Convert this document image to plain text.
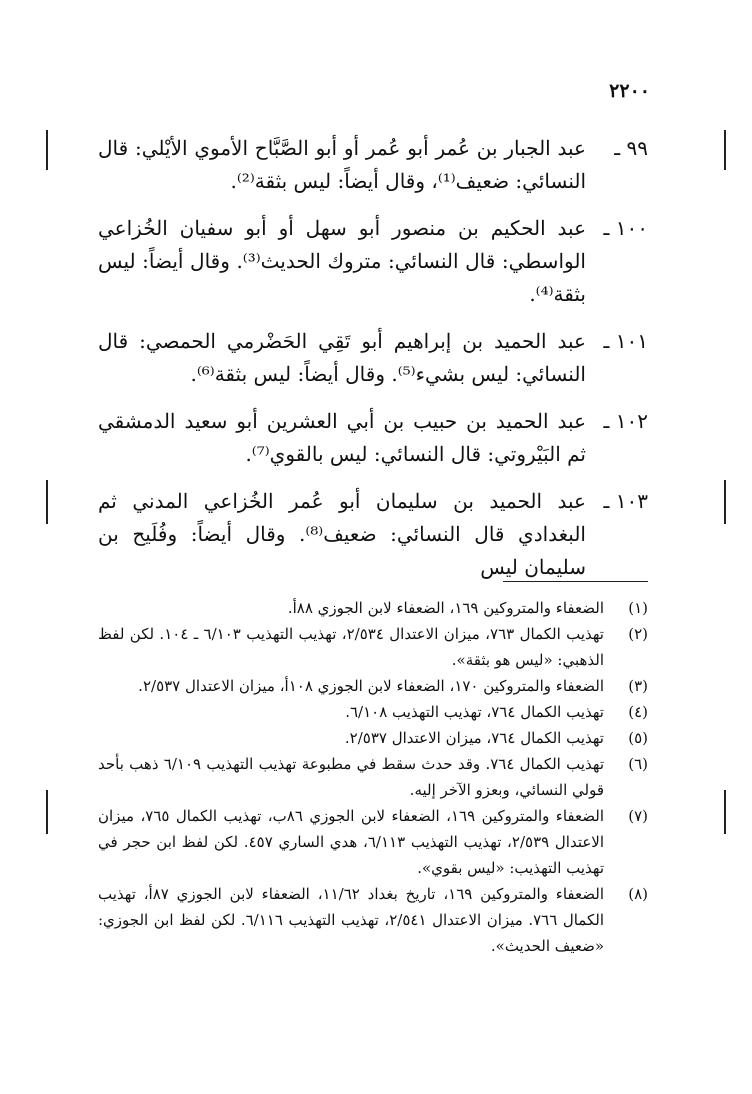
٢٢٠٠
٩٩ ـ
عبد الجبار بن عُمر أبو عُمر أو أبو الصَّبَّاح الأموي الأيْلي: قال النسائي: ضعيف⁽¹⁾، وقال أيضاً: ليس بثقة⁽²⁾.
١٠٠ ـ
عبد الحكيم بن منصور أبو سهل أو أبو سفيان الخُزاعي الواسطي: قال النسائي: متروك الحديث⁽³⁾. وقال أيضاً: ليس بثقة⁽⁴⁾.
١٠١ ـ
عبد الحميد بن إبراهيم أبو تَقِي الحَضْرمي الحمصي: قال النسائي: ليس بشيء⁽⁵⁾. وقال أيضاً: ليس بثقة⁽⁶⁾.
١٠٢ ـ
عبد الحميد بن حبيب بن أبي العشرين أبو سعيد الدمشقي ثم البَيْروتي: قال النسائي: ليس بالقوي⁽⁷⁾.
١٠٣ ـ
عبد الحميد بن سليمان أبو عُمر الخُزاعي المدني ثم البغدادي قال النسائي: ضعيف⁽⁸⁾. وقال أيضاً: وفُلَيح بن سليمان ليس
(١)
الضعفاء والمتروكين ١٦٩، الضعفاء لابن الجوزي ٨٨أ.
(٢)
تهذيب الكمال ٧٦٣، ميزان الاعتدال ٢/٥٣٤، تهذيب التهذيب ٦/١٠٣ ـ ١٠٤. لكن لفظ الذهبي: «ليس هو بثقة».
(٣)
الضعفاء والمتروكين ١٧٠، الضعفاء لابن الجوزي ١٠٨أ، ميزان الاعتدال ٢/٥٣٧.
(٤)
تهذيب الكمال ٧٦٤، تهذيب التهذيب ٦/١٠٨.
(٥)
تهذيب الكمال ٧٦٤، ميزان الاعتدال ٢/٥٣٧.
(٦)
تهذيب الكمال ٧٦٤. وقد حدث سقط في مطبوعة تهذيب التهذيب ٦/١٠٩ ذهب بأحد قولي النسائي، وبعزو الآخر إليه.
(٧)
الضعفاء والمتروكين ١٦٩، الضعفاء لابن الجوزي ٨٦ب، تهذيب الكمال ٧٦٥، ميزان الاعتدال ٢/٥٣٩، تهذيب التهذيب ٦/١١٣، هدي الساري ٤٥٧. لكن لفظ ابن حجر في تهذيب التهذيب: «ليس بقوي».
(٨)
الضعفاء والمتروكين ١٦٩، تاريخ بغداد ١١/٦٢، الضعفاء لابن الجوزي ٨٧أ، تهذيب الكمال ٧٦٦. ميزان الاعتدال ٢/٥٤١، تهذيب التهذيب ٦/١١٦. لكن لفظ ابن الجوزي: «ضعيف الحديث».
